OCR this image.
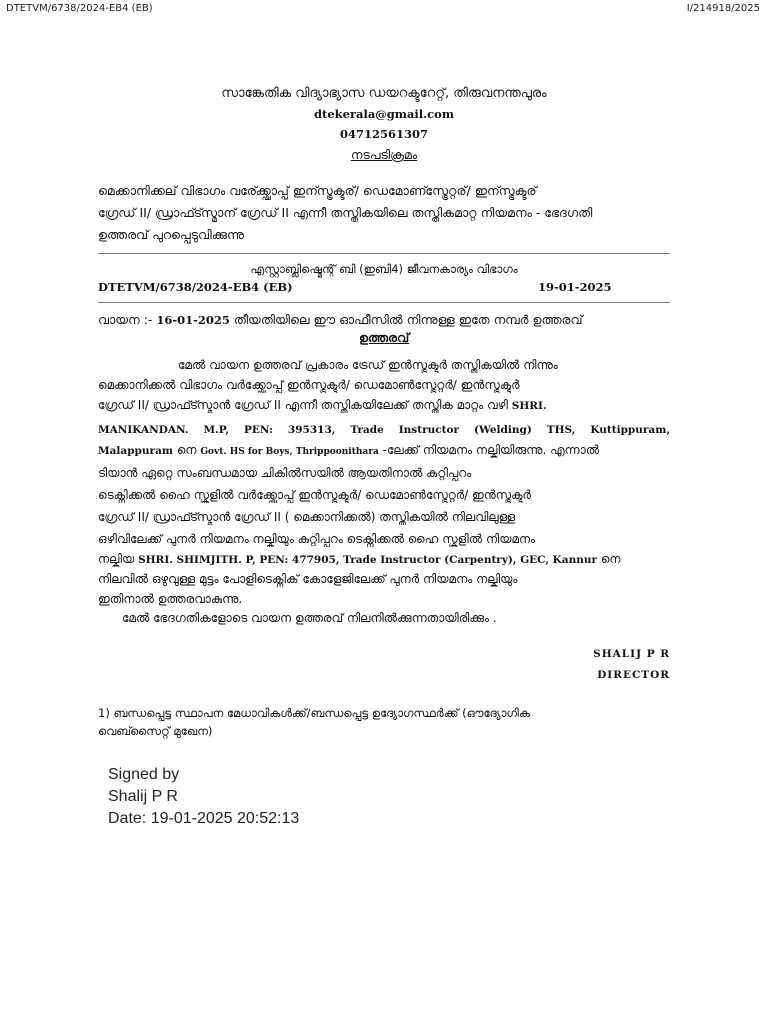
DTETVM/6738/2024-EB4 (EB)	I/214918/2025
സാങ്കേതിക വിദ്യാഭ്യാസ ഡയറക്ടറേറ്റ്, തിരുവനന്തപുരം
dtekerala@gmail.com
04712561307
നടപടിക്രമം
മെക്കാനിക്കല് വിഭാഗം വര്ക്ക്ഷോപ്പ് ഇന്സ്ട്രക്ടര്/ ഡെമോണ്സ്ട്രേറ്റര്/ ഇന്സ്ട്രക്ടര്
ഗ്രേഡ് II/ ഡ്രാഫ്ട്സ്മാന് ഗ്രേഡ് II എന്നീ തസ്തികയിലെ തസ്തികമാറ്റ നിയമനം - ഭേദഗതി
ഉത്തരവ് പുറപ്പെടുവിക്കുന്നു
എസ്റ്റാബ്ലിഷ്മെന്റ് ബി (ഇബി4) ജീവനകാര്യം വിഭാഗം
DTETVM/6738/2024-EB4 (EB)	19-01-2025
വായന :- 16-01-2025 തീയതിയിലെ ഈ ഓഫീസിൽ നിന്നുള്ള ഇതേ നമ്പർ ഉത്തരവ്
ഉത്തരവ്
മേൽ വായന ഉത്തരവ് പ്രകാരം ട്രേഡ് ഇൻസ്ട്രക്ടർ തസ്തികയിൽ നിന്നും
മെക്കാനിക്കൽ വിഭാഗം വർക്ക്ഷോപ്പ് ഇൻസ്ട്രക്ടർ/ ഡെമോൺസ്ട്രേറ്റർ/ ഇൻസ്ട്രക്ടർ
ഗ്രേഡ് II/ ഡ്രാഫ്ട്സ്മാൻ ഗ്രേഡ് II എന്നീ തസ്തികയിലേക്ക് തസ്തിക മാറ്റം വഴി SHRI.
MANIKANDAN. M.P, PEN: 395313, Trade Instructor (Welding) THS, Kuttippuram,
Malappuram നെ Govt. HS for Boys, Thrippoonithara -ലേക്ക് നിയമനം നല്കിയിരുന്നു. എന്നാൽ
ടിയാൻ ഏറ്റെ സംബന്ധമായ ചികിൽസയിൽ ആയതിനാൽ കുറ്റിപ്പുറം
ടെക്നിക്കൽ ഹൈ സ്കൂളിൽ വർക്ക്ഷോപ്പ് ഇൻസ്ട്രക്ടർ/ ഡെമോൺസ്ട്രേറ്റർ/ ഇൻസ്ട്രക്ടർ
ഗ്രേഡ് II/ ഡ്രാഫ്ട്സ്മാൻ ഗ്രേഡ് II ( മെക്കാനിക്കൽ) തസ്തികയിൽ നിലവിലുള്ള
ഒഴിവിലേക്ക് പുനർ നിയമനം നല്കിയും കുറ്റിപ്പുറം ടെക്നിക്കൽ ഹൈ സ്കൂളിൽ നിയമനം
നല്കിയ SHRI. SHIMJITH. P, PEN: 477905, Trade Instructor (Carpentry), GEC, Kannur നെ
നിലവിൽ ഒഴുവുള്ള മുട്ടം പോളിടെക്നിക് കോളേജിലേക്ക് പുനർ നിയമനം നല്കിയും
ഇതിനാൽ ഉത്തരവാകുന്നു.
മേൽ ഭേദഗതികളോടെ വായന ഉത്തരവ് നിലനിൽക്കുന്നതായിരിക്കും .
SHALIJ P R
DIRECTOR
1) ബന്ധപ്പെട്ട സ്ഥാപന മേധാവികൾക്ക്/ബന്ധപ്പെട്ട ഉദ്യോഗസ്ഥർക്ക് (ഔദ്യോഗിക
വെബ്സൈറ്റ് മുഖേന)
Signed by
Shalij P R
Date: 19-01-2025 20:52:13
